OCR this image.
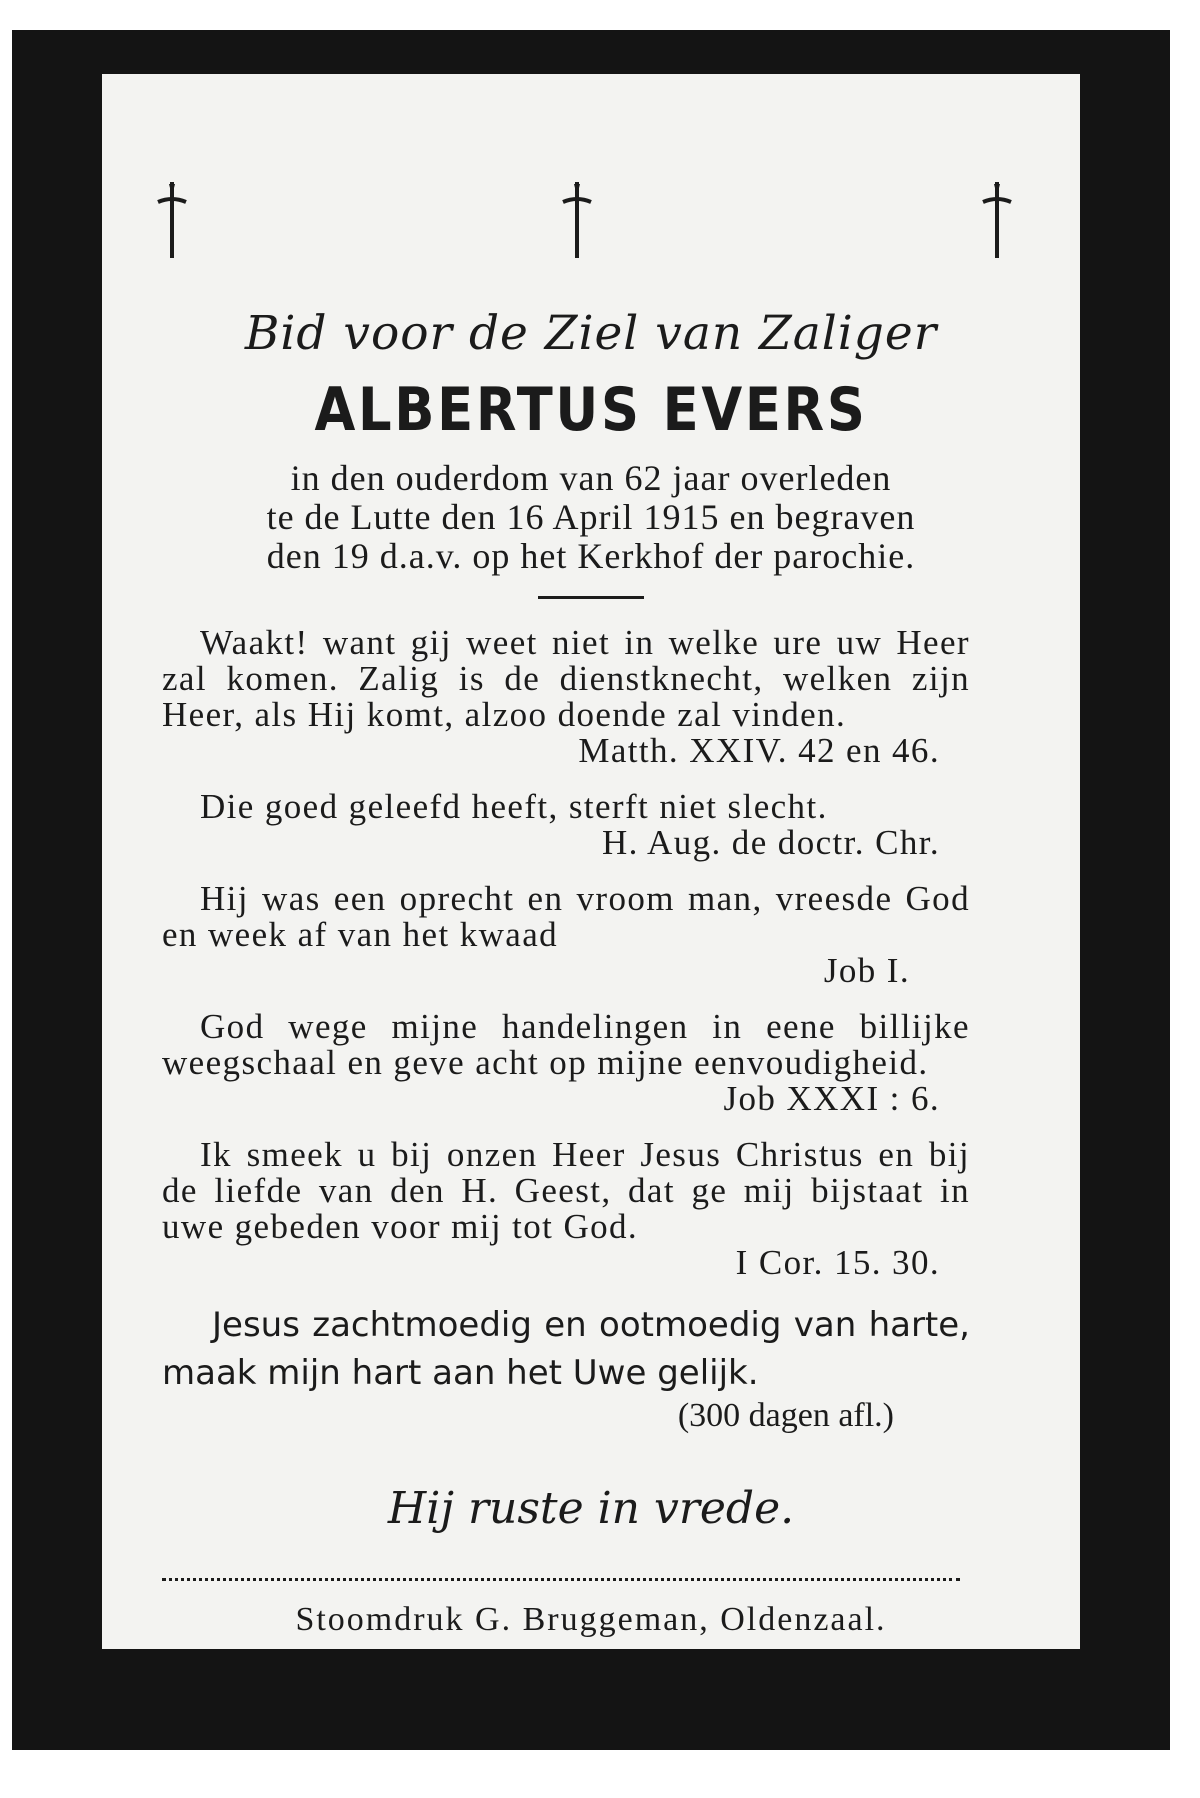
Bid voor de Ziel van Zaliger

ALBERTUS EVERS
in den ouderdom van 62 jaar overleden
te de Lutte den 16 April 1915 en begraven
den 19 d.a.v. op het Kerkhof der parochie.
Waakt! want gij weet niet in welke ure uw Heer zal komen. Zalig is de dienstknecht, welken zijn Heer, als Hij komt, alzoo doende zal vinden.
Matth. XXIV. 42 en 46.
Die goed geleefd heeft, sterft niet slecht.
H. Aug. de doctr. Chr.
Hij was een oprecht en vroom man, vreesde God en week af van het kwaad
Job I.
God wege mijne handelingen in eene billijke weegschaal en geve acht op mijne eenvoudigheid.
Job XXXI : 6.
Ik smeek u bij onzen Heer Jesus Christus en bij de liefde van den H. Geest, dat ge mij bijstaat in uwe gebeden voor mij tot God.
I Cor. 15. 30.
Jesus zachtmoedig en ootmoedig van harte, maak mijn hart aan het Uwe gelijk.
(300 dagen afl.)
Hij ruste in vrede.
Stoomdruk G. Bruggeman, Oldenzaal.
